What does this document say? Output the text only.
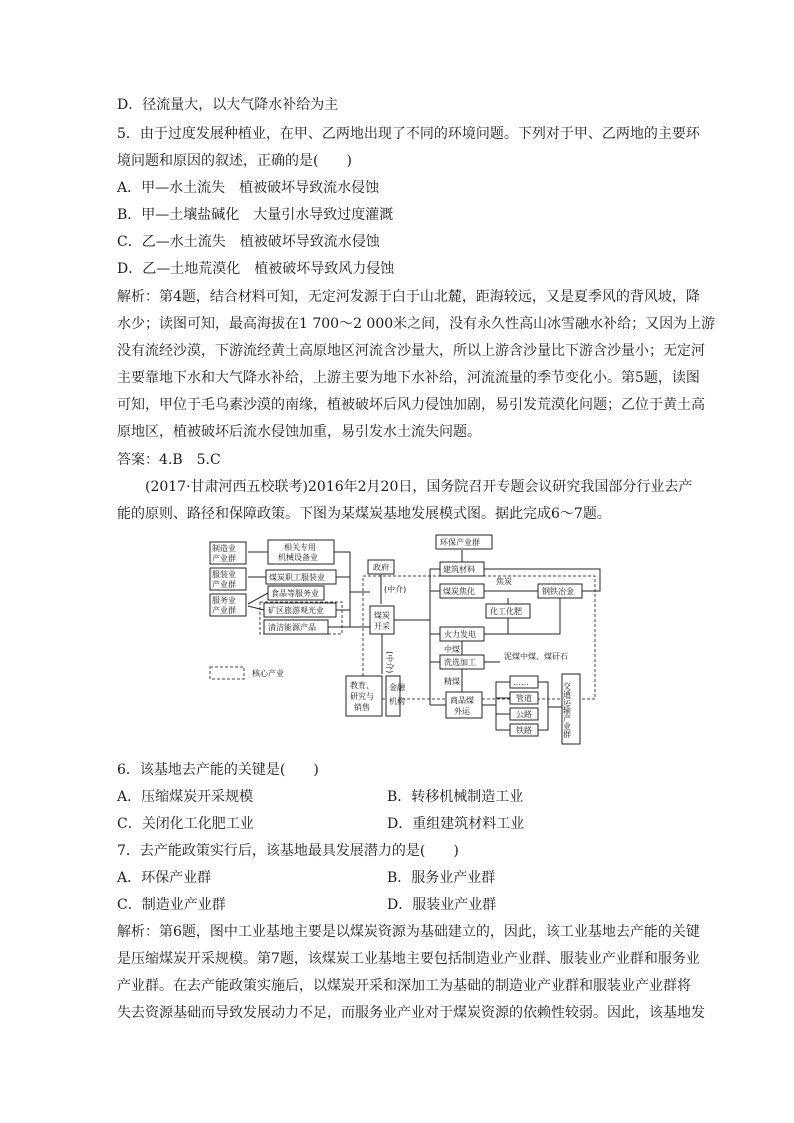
D．径流量大，以大气降水补给为主
5．由于过度发展种植业，在甲、乙两地出现了不同的环境问题。下列对于甲、乙两地的主要环
境问题和原因的叙述，正确的是(　　)
A．甲—水土流失　植被破坏导致流水侵蚀
B．甲—土壤盐碱化　大量引水导致过度灌溉
C．乙—水土流失　植被破坏导致流水侵蚀
D．乙—土地荒漠化　植被破坏导致风力侵蚀
解析：第4题，结合材料可知，无定河发源于白于山北麓，距海较远，又是夏季风的背风坡，降
水少；读图可知，最高海拔在1 700～2 000米之间，没有永久性高山冰雪融水补给；又因为上游
没有流经沙漠，下游流经黄土高原地区河流含沙量大，所以上游含沙量比下游含沙量小；无定河
主要靠地下水和大气降水补给，上游主要为地下水补给，河流流量的季节变化小。第5题，读图
可知，甲位于毛乌素沙漠的南缘，植被破坏后风力侵蚀加剧，易引发荒漠化问题；乙位于黄土高
原地区，植被破坏后流水侵蚀加重，易引发水土流失问题。
答案：4.B　5.C
　　(2017·甘肃河西五校联考)2016年2月20日，国务院召开专题会议研究我国部分行业去产
能的原则、路径和保障政策。下图为某煤炭基地发展模式图。据此完成6～7题。
制造业
产业群
服装业
产业群
服务业
产业群
相关专用
机械设备业
煤炭职工服装业
食品等服务业
矿区旅游观光业
清洁能源产品
政府
(中介)
煤炭
开采
(中介)
教育、
研究与
销售
金融
机构
环保产业群
建筑材料
煤炭焦化
焦炭
钢铁冶金
化工化肥
火力发电
中煤
洗选加工
泥煤中煤、煤矸石
精煤
商品煤
外运
……
管道
公路
铁路	交通运输产业群
核心产业
6．该基地去产能的关键是(　　)
A．压缩煤炭开采规模	B．转移机械制造工业
C．关闭化工化肥工业	D．重组建筑材料工业
7．去产能政策实行后，该基地最具发展潜力的是(　　)
A．环保产业群	B．服务业产业群
C．制造业产业群	D．服装业产业群
解析：第6题，图中工业基地主要是以煤炭资源为基础建立的，因此，该工业基地去产能的关键
是压缩煤炭开采规模。第7题，该煤炭工业基地主要包括制造业产业群、服装业产业群和服务业
产业群。在去产能政策实施后，以煤炭开采和深加工为基础的制造业产业群和服装业产业群将
失去资源基础而导致发展动力不足，而服务业产业对于煤炭资源的依赖性较弱。因此，该基地发
